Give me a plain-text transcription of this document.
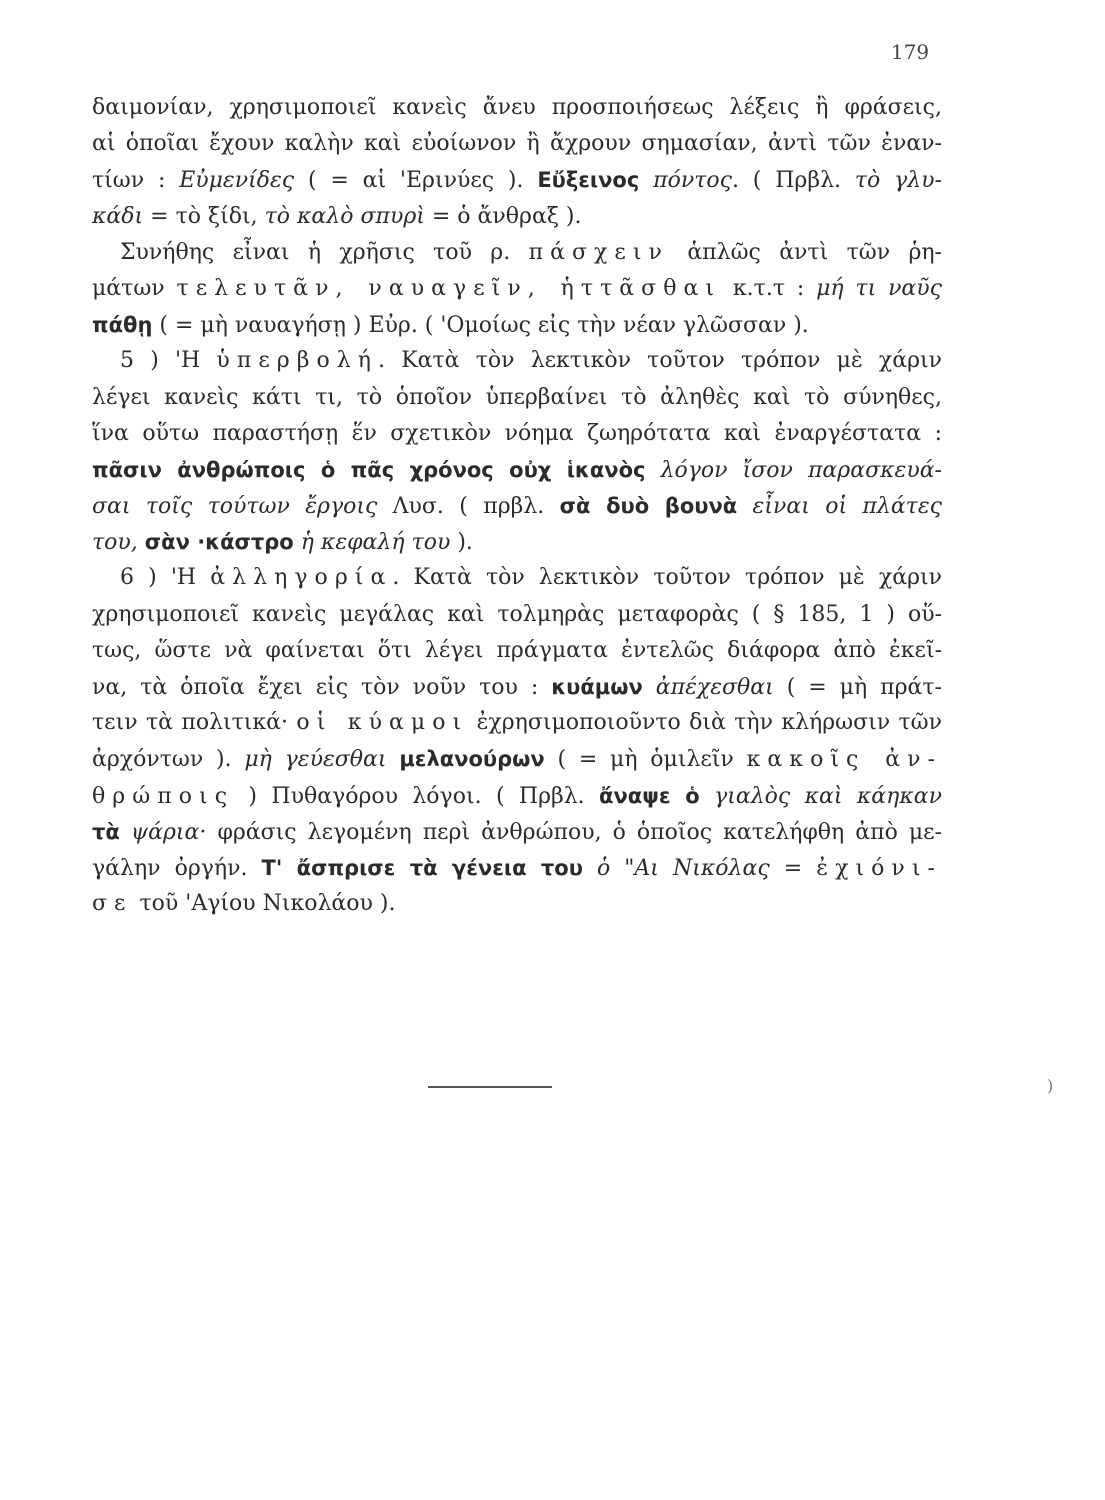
179
δαιμονίαν, χρησιμοποιεῖ κανεὶς ἄνευ προσποιήσεως λέξεις ἢ φράσεις,
αἱ ὁποῖαι ἔχουν καλὴν καὶ εὐοίωνον ἢ ἄχρουν σημασίαν, ἀντὶ τῶν ἐναν-
τίων : Εὐμενίδες ( = αἱ 'Ερινύες ). Εὔξεινος πόντος. ( Πρβλ. τὸ γλυ-
κάδι = τὸ ξίδι, τὸ καλὸ σπυρὶ = ὁ ἄνθραξ ).
Συνήθης εἶναι ἡ χρῆσις τοῦ ρ. πάσχειν ἁπλῶς ἀντὶ τῶν ῥη-
μάτων τελευτᾶν, ναυαγεῖν, ἡττᾶσθαι κ.τ.τ : μή τι ναῦς
πάθῃ ( = μὴ ναυαγήσῃ ) Εὐρ. ( 'Ομοίως εἰς τὴν νέαν γλῶσσαν ).
5 ) 'Η ὑπερβολή. Κατὰ τὸν λεκτικὸν τοῦτον τρόπον μὲ χάριν
λέγει κανεὶς κάτι τι, τὸ ὁποῖον ὑπερβαίνει τὸ ἀληθὲς καὶ τὸ σύνηθες,
ἵνα οὕτω παραστήσῃ ἕν σχετικὸν νόημα ζωηρότατα καὶ ἐναργέστατα :
πᾶσιν ἀνθρώποις ὁ πᾶς χρόνος οὐχ ἱκανὸς λόγον ἴσον παρασκευά-
σαι τοῖς τούτων ἔργοις Λυσ. ( πρβλ. σὰ δυὸ βουνὰ εἶναι οἱ πλάτες
του, σὰν ·κάστρο ἡ κεφαλή του ).
6 ) 'Η ἀλληγορία. Κατὰ τὸν λεκτικὸν τοῦτον τρόπον μὲ χάριν
χρησιμοποιεῖ κανεὶς μεγάλας καὶ τολμηρὰς μεταφορὰς ( § 185, 1 ) οὕ-
τως, ὥστε νὰ φαίνεται ὅτι λέγει πράγματα ἐντελῶς διάφορα ἀπὸ ἐκεῖ-
να, τὰ ὁποῖα ἔχει εἰς τὸν νοῦν του : κυάμων ἀπέχεσθαι ( = μὴ πράτ-
τειν τὰ πολιτικά· οἱ κύαμοι ἐχρησιμοποιοῦντο διὰ τὴν κλήρωσιν τῶν
ἀρχόντων ). μὴ γεύεσθαι μελανούρων ( = μὴ ὁμιλεῖν κακοῖς ἀν-
θρώποις ) Πυθαγόρου λόγοι. ( Πρβλ. ἄναψε ὁ γιαλὸς καὶ κάηκαν
τὰ ψάρια· φράσις λεγομένη περὶ ἀνθρώπου, ὁ ὁποῖος κατελήφθη ἀπὸ με-
γάλην ὀργήν. Τ' ἄσπρισε τὰ γένεια του ὁ "Αι Νικόλας = ἐχιόνι-
σε τοῦ 'Αγίου Νικολάου ).
)
